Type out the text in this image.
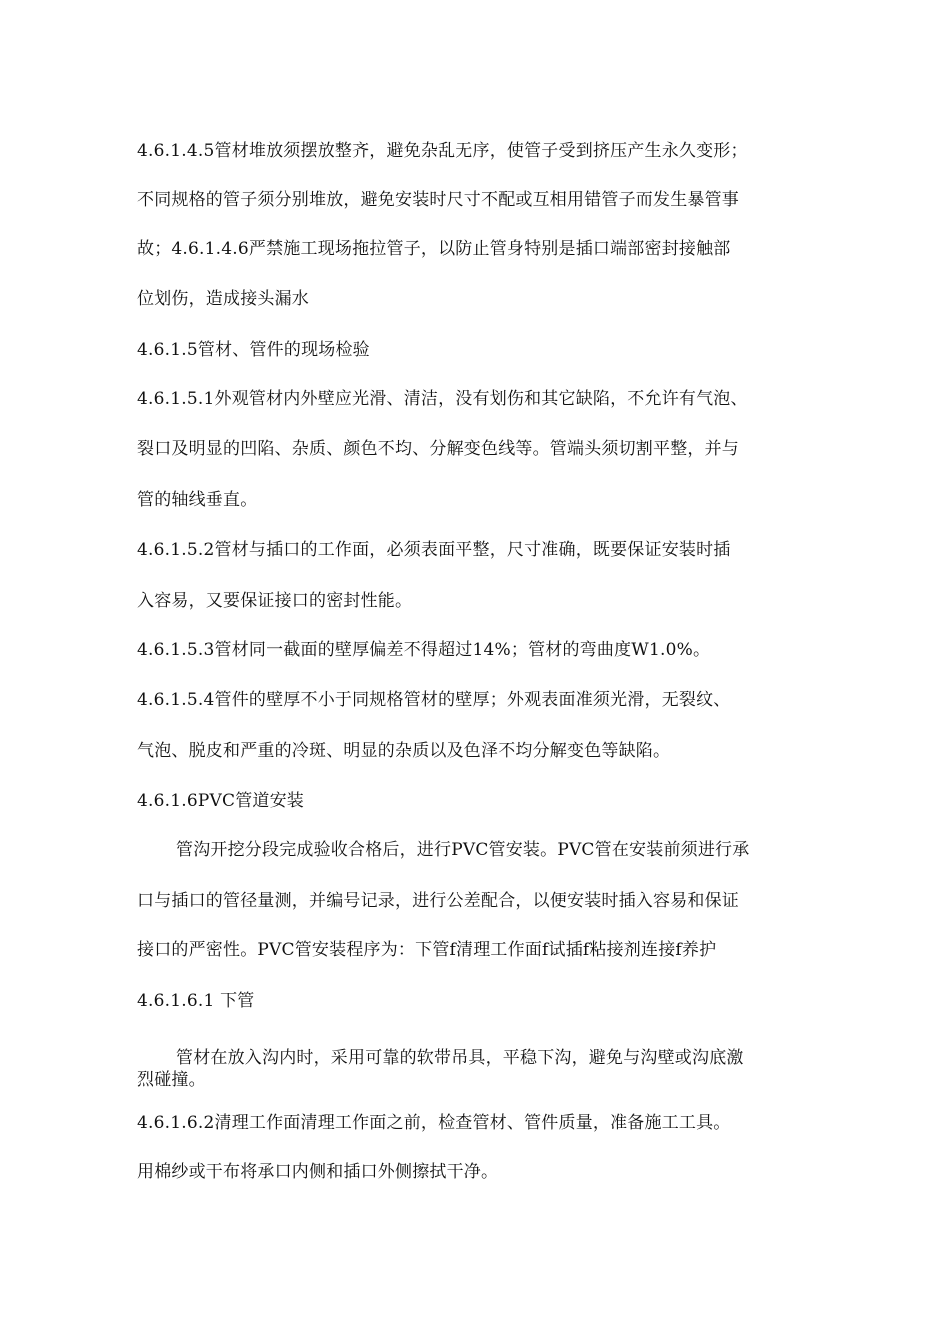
4.6.1.4.5管材堆放须摆放整齐，避免杂乱无序，使管子受到挤压产生永久变形；
不同规格的管子须分别堆放，避免安装时尺寸不配或互相用错管子而发生暴管事
故；4.6.1.4.6严禁施工现场拖拉管子，以防止管身特别是插口端部密封接触部
位划伤，造成接头漏水
4.6.1.5管材、管件的现场检验
4.6.1.5.1外观管材内外壁应光滑、清洁，没有划伤和其它缺陷，不允许有气泡、
裂口及明显的凹陷、杂质、颜色不均、分解变色线等。管端头须切割平整，并与
管的轴线垂直。
4.6.1.5.2管材与插口的工作面，必须表面平整，尺寸准确，既要保证安装时插
入容易，又要保证接口的密封性能。
4.6.1.5.3管材同一截面的壁厚偏差不得超过14%；管材的弯曲度W1.0%。
4.6.1.5.4管件的壁厚不小于同规格管材的壁厚；外观表面准须光滑，无裂纹、
气泡、脱皮和严重的冷斑、明显的杂质以及色泽不均分解变色等缺陷。
4.6.1.6PVC管道安装
管沟开挖分段完成验收合格后，进行PVC管安装。PVC管在安装前须进行承
口与插口的管径量测，并编号记录，进行公差配合，以便安装时插入容易和保证
接口的严密性。PVC管安装程序为：下管f清理工作面f试插f粘接剂连接f养护
4.6.1.6.1 下管
管材在放入沟内时，采用可靠的软带吊具，平稳下沟，避免与沟壁或沟底激
烈碰撞。
4.6.1.6.2清理工作面清理工作面之前，检查管材、管件质量，准备施工工具。
用棉纱或干布将承口内侧和插口外侧擦拭干净。
